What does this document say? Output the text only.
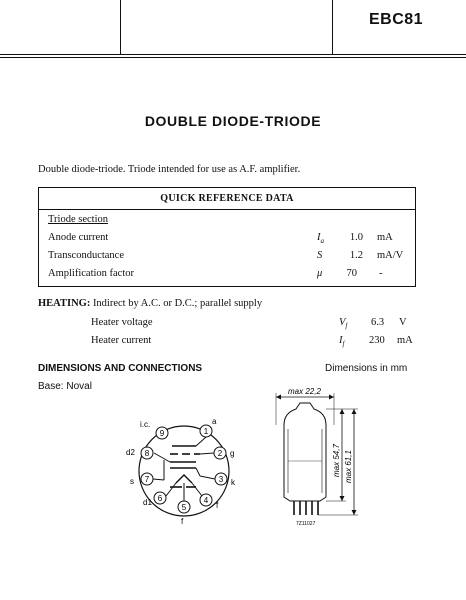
EBC81
DOUBLE DIODE-TRIODE
Double diode-triode. Triode intended for use as A.F. amplifier.
QUICK REFERENCE DATA
Triode section
Anode current	$I_a$	1.0 mA
Transconductance	S	1.2 mA/V
Amplification factor	μ	70 -
HEATING: Indirect by A.C. or D.C.; parallel supply
Heater voltage	$V_f$ 6.3 V
Heater current	$I_f$ 230 mA
DIMENSIONS AND CONNECTIONS	Dimensions in mm
Base: Noval
1
2
3
4
5
6
7
8
9
i.c.	a
d2	g
s	k
d1	f
f
max 22,2
7Z11027
max 54,7 max 61,1
